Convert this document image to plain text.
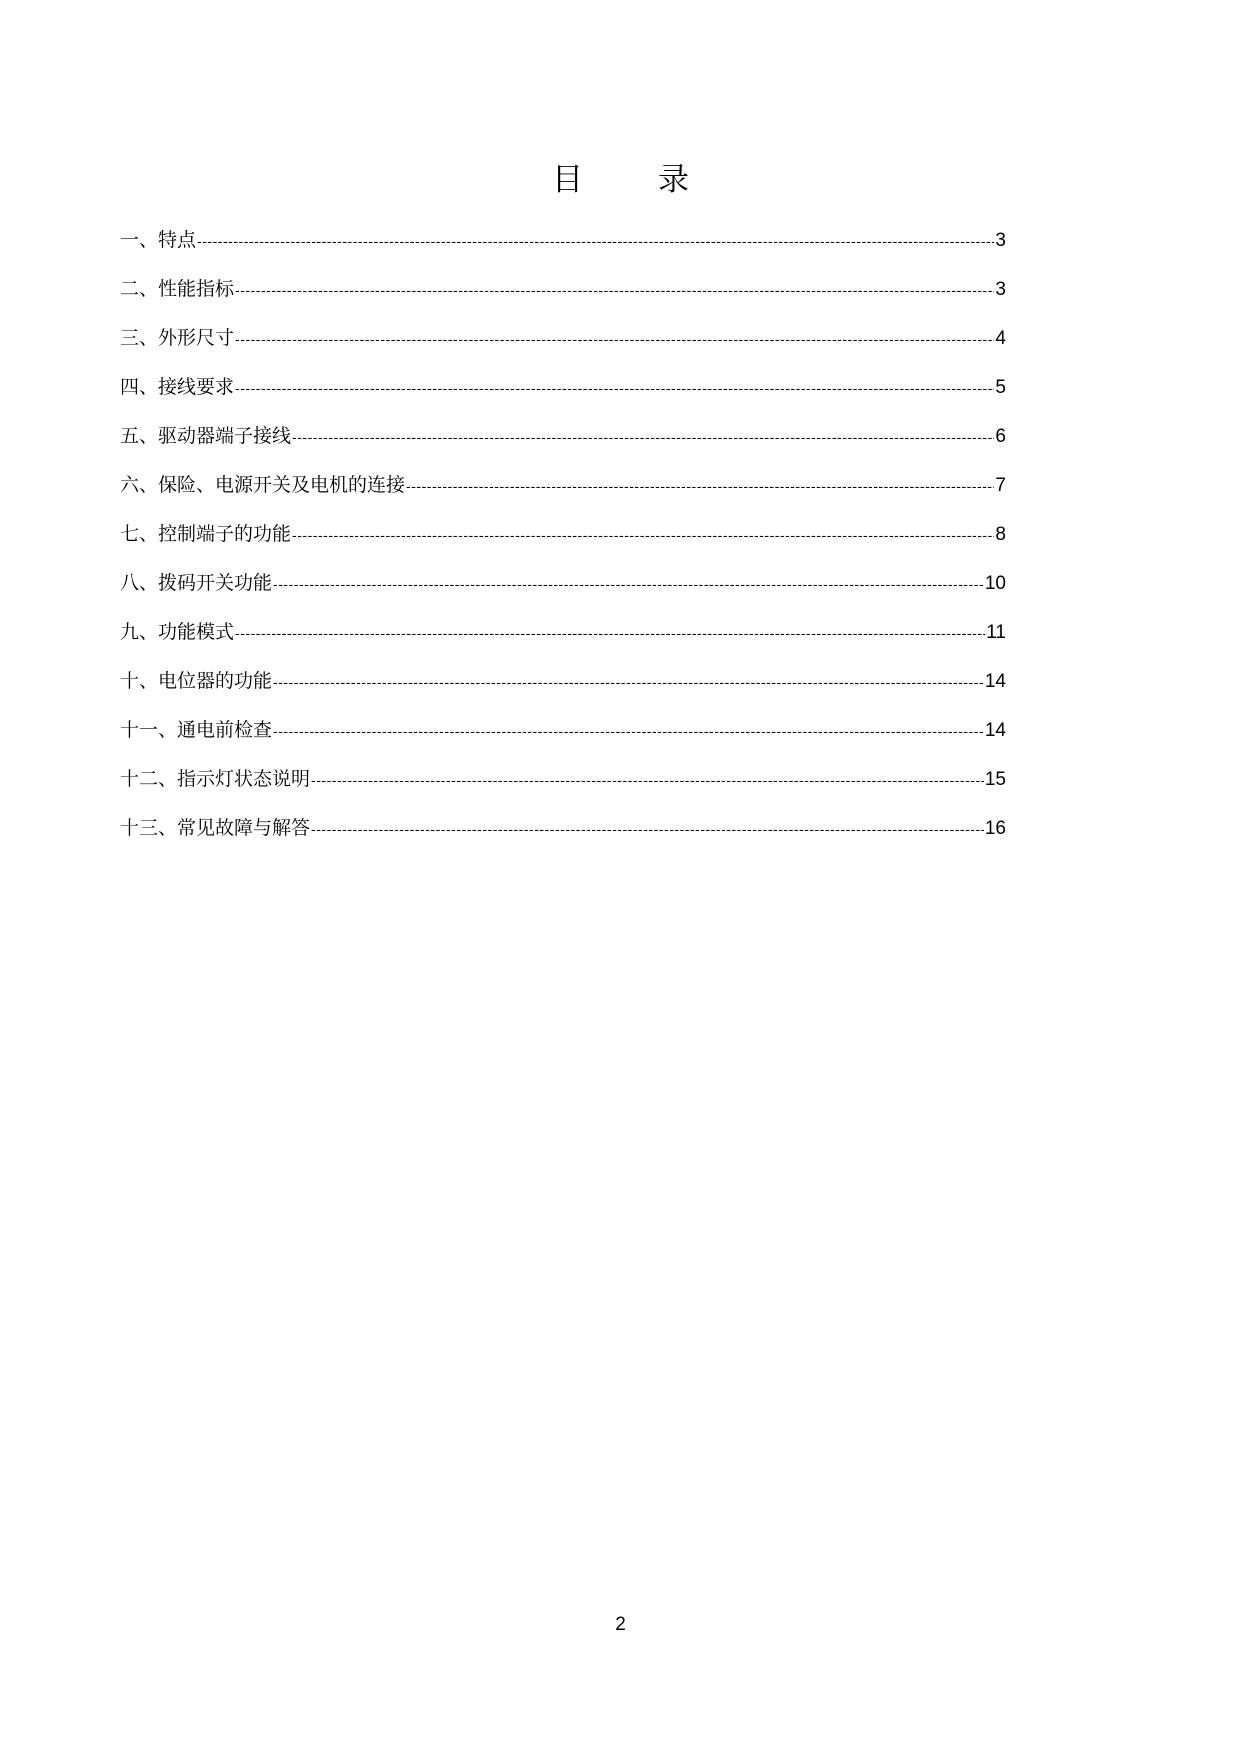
目　录
一、特点 -----	3
二、性能指标 -----	3
三、外形尺寸 -----	4
四、接线要求 -----	5
五、驱动器端子接线 -----	6
六、保险、电源开关及电机的连接 -----	7
七、控制端子的功能 -----	8
八、拨码开关功能 -----	10
九、功能模式 -----	11
十、电位器的功能 -----	14
十一、通电前检查 -----	14
十二、指示灯状态说明 -----	15
十三、常见故障与解答 -----	16
2
